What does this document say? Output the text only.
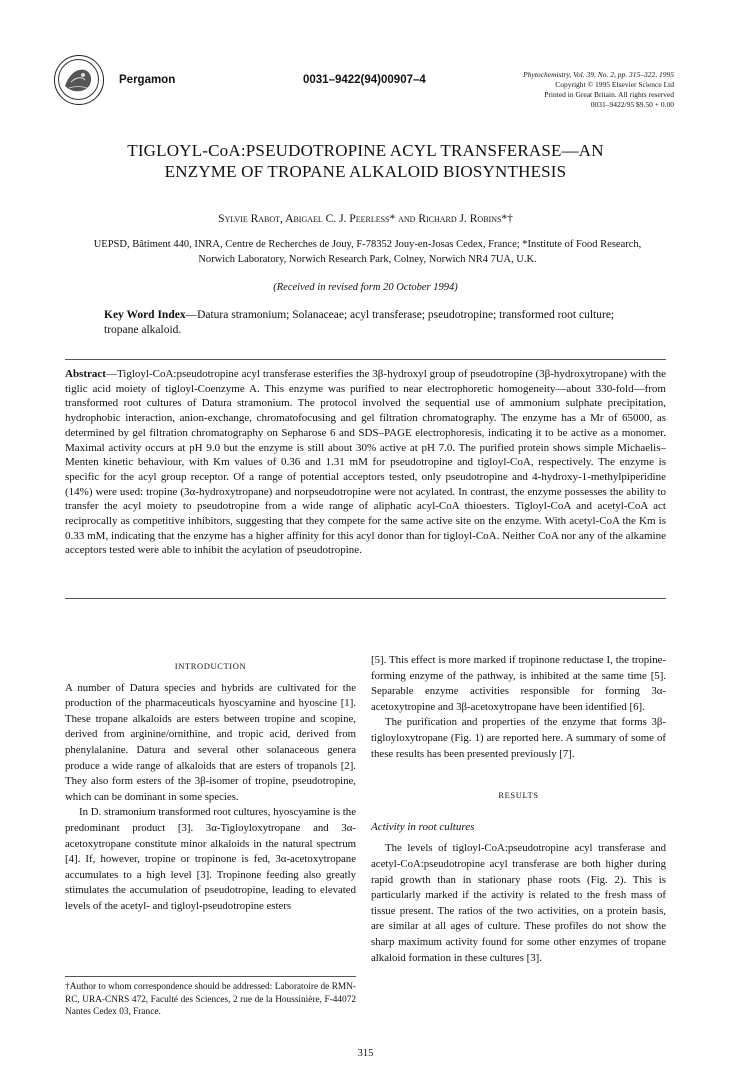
Pergamon	0031–9422(94)00907–4	Phytochemistry, Vol. 39, No. 2, pp. 315–322, 1995
Copyright © 1995 Elsevier Science Ltd
Printed in Great Britain. All rights reserved
0031–9422/95 $9.50 + 0.00
TIGLOYL-CoA:PSEUDOTROPINE ACYL TRANSFERASE—AN
ENZYME OF TROPANE ALKALOID BIOSYNTHESIS
Sylvie Rabot, Abigael C. J. Peerless* and Richard J. Robins*†
UEPSD, Bâtiment 440, INRA, Centre de Recherches de Jouy, F-78352 Jouy-en-Josas Cedex, France; *Institute of Food Research,
Norwich Laboratory, Norwich Research Park, Colney, Norwich NR4 7UA, U.K.
(Received in revised form 20 October 1994)
Key Word Index—Datura stramonium; Solanaceae; acyl transferase; pseudotropine; transformed root culture; tropane alkaloid.
Abstract—Tigloyl-CoA:pseudotropine acyl transferase esterifies the 3β-hydroxyl group of pseudotropine (3β-hydroxytropane) with the tiglic acid moiety of tigloyl-Coenzyme A. This enzyme was purified to near electrophoretic homogeneity—about 330-fold—from transformed root cultures of Datura stramonium. The protocol involved the sequential use of ammonium sulphate precipitation, hydrophobic interaction, anion-exchange, chromatofocusing and gel filtration chromatography. The enzyme has a Mr of 65000, as determined by gel filtration chromatography on Sepharose 6 and SDS–PAGE electrophoresis, indicating it to be active as a monomer. Maximal activity occurs at pH 9.0 but the enzyme is still about 30% active at pH 7.0. The purified protein shows simple Michaelis–Menten kinetic behaviour, with Km values of 0.36 and 1.31 mM for pseudotropine and tigloyl-CoA, respectively. The enzyme is specific for the acyl group receptor. Of a range of potential acceptors tested, only pseudotropine and 4-hydroxy-1-methylpiperidine (14%) were used: tropine (3α-hydroxytropane) and norpseudotropine were not acylated. In contrast, the enzyme possesses the ability to transfer the acyl moiety to pseudotropine from a wide range of aliphatic acyl-CoA thioesters. Tigloyl-CoA and acetyl-CoA act reciprocally as competitive inhibitors, suggesting that they compete for the same active site on the enzyme. With acetyl-CoA the Km is 0.33 mM, indicating that the enzyme has a higher affinity for this acyl donor than for tigloyl-CoA. Neither CoA nor any of the alkamine acceptors tested were able to inhibit the acylation of pseudotropine.
INTRODUCTION

A number of Datura species and hybrids are cultivated for the production of the pharmaceuticals hyoscyamine and hyoscine [1]. These tropane alkaloids are esters between tropine and scopine, derived from arginine/ornithine, and tropic acid, derived from phenylalanine. Datura and several other solanaceous genera produce a wide range of alkaloids that are esters of tropanols [2]. They also form esters of the 3β-isomer of tropine, pseudotropine, which can be dominant in some species.

In D. stramonium transformed root cultures, hyoscyamine is the predominant product [3]. 3α-Tigloyloxytropane and 3α-acetoxytropane constitute minor alkaloids in the natural spectrum [4]. If, however, tropine or tropinone is fed, 3α-acetoxytropane accumulates to a high level [3]. Tropinone feeding also greatly stimulates the accumulation of pseudotropine, leading to elevated levels of the acetyl- and tigloyl-pseudotropine esters

[5]. This effect is more marked if tropinone reductase I, the tropine-forming enzyme of the pathway, is inhibited at the same time [5]. Separable enzyme activities responsible for forming 3α-acetoxytropine and 3β-acetoxytropane have been identified [6].

The purification and properties of the enzyme that forms 3β-tigloyloxytropane (Fig. 1) are reported here. A summary of some of these results has been presented previously [7].

RESULTS
Activity in root cultures

The levels of tigloyl-CoA:pseudotropine acyl transferase and acetyl-CoA:pseudotropine acyl transferase are both higher during rapid growth than in stationary phase roots (Fig. 2). This is particularly marked if the activity is related to the fresh mass of tissue present. The ratios of the two activities, on a protein basis, are similar at all ages of culture. These profiles do not show the sharp maximum activity found for some other enzymes of tropane alkaloid formation in these cultures [3].

†Author to whom correspondence should be addressed: Laboratoire de RMN-RC, URA-CNRS 472, Faculté des Sciences, 2 rue de la Houssinière, F-44072 Nantes Cedex 03, France.
315
